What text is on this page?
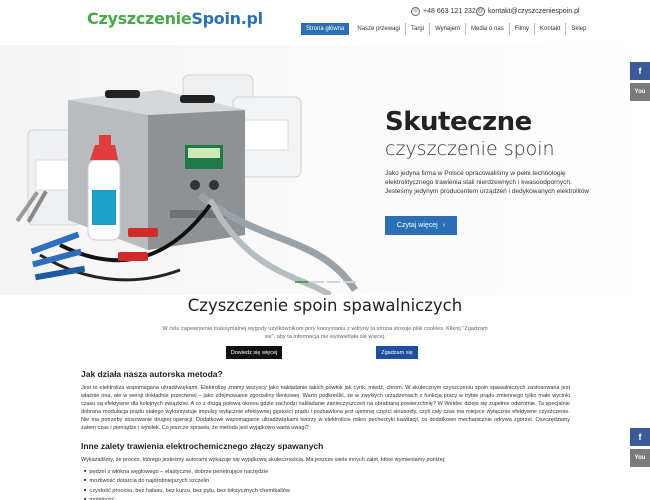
CzyszczenieSpoin.pl	☏ +48 663 121 232 @ kontakt@czyszczeniespoin.pl
Strona główna	Nasze przewagi	Targi	Wynajem	Media o nas	Filmy	Kontakt	Sklep
Skuteczne
czyszczenie spoin
Jako jedyna firma w Polsce opracowaliśmy w pełni technologię elektrolitycznego trawienia stali nierdzewnych i kwasoodpornych. Jesteśmy jedynym producentem urządzeń i dedykowanych elektrolitów
Czytaj więcej ›
f
You
f
You
Czyszczenie spoin spawalniczych
W celu zapewnienia maksymalnej wygody użytkownikom przy korzystaniu z witryny ta strona stosuje pliki cookies. Kliknij "Zgadzam się", aby ta informacja nie wyświetlała się więcej.
Dowiedz się więcej	Zgadzam się
Jak działa nasza autorska metoda?
Jest to elektroliza wspomagana ultradźwiękami. Elektrolizę znamy wszyscy jako nakładanie takich powłok jak cynk, miedź, chrom. W skutecznym czyszczeniu spoin spawalniczych zastosowana jest właśnie ona, ale w wersji dokładnie przeciwnej – jako zdejmowanie zgorzeliny tlenkowej. Warto podkreślić, że w zwykłych urządzeniach z funkcją pracy w trybie prądu zmiennego tylko małe wycinki czasu są efektywne dla kolejnych związków. A co z drugą połową okresu gdzie zachodzi nakładanie zanieczyszczeń na obrabianą powierzchnię? W Weldec dzieje się zupełnie odwrotnie. Ta specjalnie dobrana modulacja prądu stałego wykorzystuje impulsy wyłącznie efektywnej gęstości prądu i pozbawiona jest ujemnej części sinusoidy, czyli cały czas ma miejsce wyłącznie efektywne czyszczenie. Nie ma potrzeby stosowanie drugiej operacji. Dodatkowe wspomaganie ultradźwiękami tworzy w elektrolicie mikro pęcherzyki kawitacji, co dodatkowo mechanicznie odrywa zgorzel. Oszczędzamy zatem czas i pieniądze i wysiłek. Co jeszcze sprawia, że metoda jest wyjątkowo warta uwagi?
Inne zalety trawienia elektrochemicznego złączy spawanych
Wykazaliśmy, że proces, którego jesteśmy autorami wykazuje się wyjątkową skutecznością. Ma jeszcze wiele innych zalet, które wymieniamy poniżej:
■ pędzel z włókna węglowego – elastyczne, dobrze penetrujące narzędzie
■ możliwość dotarcia do najdrobniejszych szczelin
■ czystość procesu, bez hałasu, bez kurzu, bez pyłu, bez toksycznych chemikaliów
■ mobilność
